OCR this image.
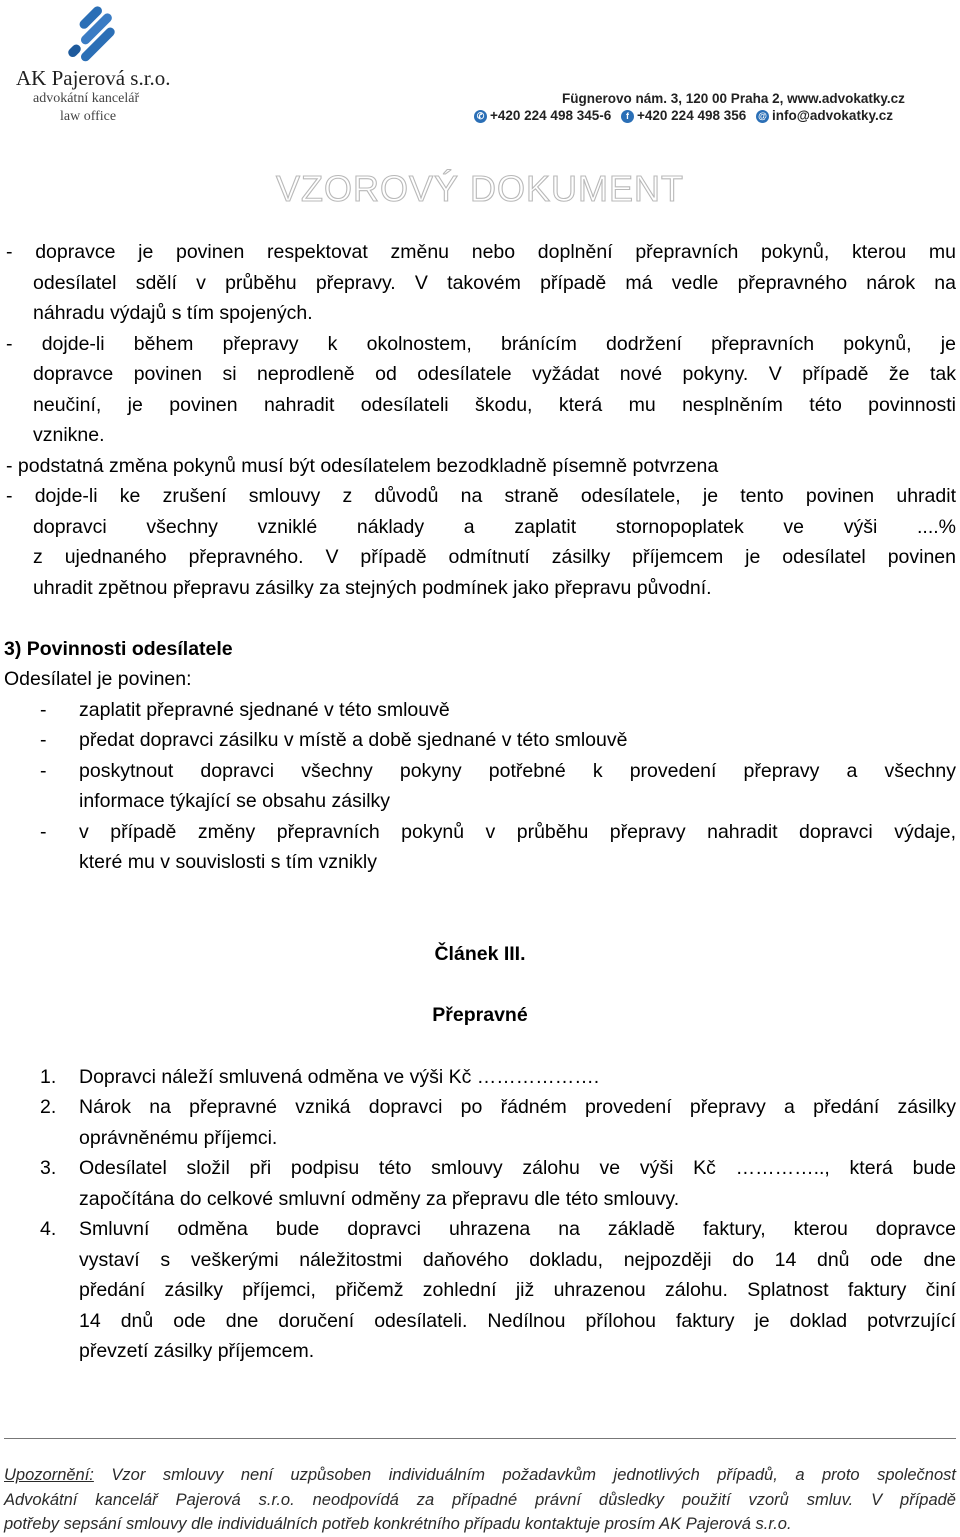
AK Pajerová s.r.o.
advokátní kancelář
law office
Fügnerovo nám. 3, 120 00 Praha 2, www.advokatky.cz
✆ +420 224 498 345-6 f +420 224 498 356 @ info@advokatky.cz
VZOROVÝ DOKUMENT
- dopravce je povinen respektovat změnu nebo doplnění přepravních pokynů, kterou mu
odesílatel sdělí v průběhu přepravy. V takovém případě má vedle přepravného nárok na
náhradu výdajů s tím spojených.
- dojde-li během přepravy k okolnostem, bránícím dodržení přepravních pokynů, je
dopravce povinen si neprodleně od odesílatele vyžádat nové pokyny. V případě že tak
neučiní, je povinen nahradit odesílateli škodu, která mu nesplněním této povinnosti
vznikne.
- podstatná změna pokynů musí být odesílatelem bezodkladně písemně potvrzena
- dojde-li ke zrušení smlouvy z důvodů na straně odesílatele, je tento povinen uhradit
dopravci všechny vzniklé náklady a zaplatit stornopoplatek ve výši ....%
z ujednaného přepravného. V případě odmítnutí zásilky příjemcem je odesílatel povinen
uhradit zpětnou přepravu zásilky za stejných podmínek jako přepravu původní.
3) Povinnosti odesílatele
Odesílatel je povinen:
- zaplatit přepravné sjednané v této smlouvě
- předat dopravci zásilku v místě a době sjednané v této smlouvě
- poskytnout dopravci všechny pokyny potřebné k provedení přepravy a všechny
informace týkající se obsahu zásilky
- v případě změny přepravních pokynů v průběhu přepravy nahradit dopravci výdaje,
které mu v souvislosti s tím vznikly
Článek III.
Přepravné
1. Dopravci náleží smluvená odměna ve výši Kč ……………….
2. Nárok na přepravné vzniká dopravci po řádném provedení přepravy a předání zásilky
oprávněnému příjemci.
3. Odesílatel složil při podpisu této smlouvy zálohu ve výši Kč ………….., která bude
započítána do celkové smluvní odměny za přepravu dle této smlouvy.
4. Smluvní odměna bude dopravci uhrazena na základě faktury, kterou dopravce
vystaví s veškerými náležitostmi daňového dokladu, nejpozději do 14 dnů ode dne
předání zásilky příjemci, přičemž zohlední již uhrazenou zálohu. Splatnost faktury činí
14 dnů ode dne doručení odesílateli. Nedílnou přílohou faktury je doklad potvrzující
převzetí zásilky příjemcem.
Upozornění: Vzor smlouvy není uzpůsoben individuálním požadavkům jednotlivých případů, a proto společnost
Advokátní kancelář Pajerová s.r.o. neodpovídá za případné právní důsledky použití vzorů smluv. V případě
potřeby sepsání smlouvy dle individuálních potřeb konkrétního případu kontaktuje prosím AK Pajerová s.r.o.
